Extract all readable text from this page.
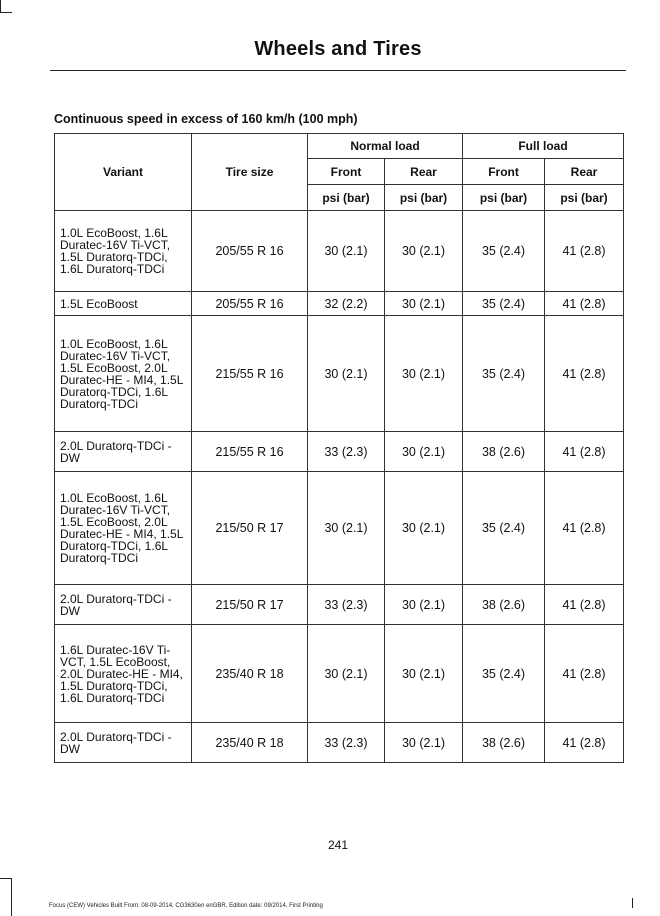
Wheels and Tires
Continuous speed in excess of 160 km/h (100 mph)
Variant	Tire size	Normal load		Full load	
		Front	Rear	Front	Rear
		psi (bar)	psi (bar)	psi (bar)	psi (bar)
1.0L EcoBoost, 1.6L Duratec-16V Ti-VCT, 1.5L Duratorq-TDCi, 1.6L Duratorq-TDCi	205/55 R 16	30 (2.1)	30 (2.1)	35 (2.4)	41 (2.8)
1.5L EcoBoost	205/55 R 16	32 (2.2)	30 (2.1)	35 (2.4)	41 (2.8)
1.0L EcoBoost, 1.6L Duratec-16V Ti-VCT, 1.5L EcoBoost, 2.0L Duratec-HE - MI4, 1.5L Duratorq-TDCi, 1.6L Duratorq-TDCi	215/55 R 16	30 (2.1)	30 (2.1)	35 (2.4)	41 (2.8)
2.0L Duratorq-TDCi - DW	215/55 R 16	33 (2.3)	30 (2.1)	38 (2.6)	41 (2.8)
1.0L EcoBoost, 1.6L Duratec-16V Ti-VCT, 1.5L EcoBoost, 2.0L Duratec-HE - MI4, 1.5L Duratorq-TDCi, 1.6L Duratorq-TDCi	215/50 R 17	30 (2.1)	30 (2.1)	35 (2.4)	41 (2.8)
2.0L Duratorq-TDCi - DW	215/50 R 17	33 (2.3)	30 (2.1)	38 (2.6)	41 (2.8)
1.6L Duratec-16V Ti-VCT, 1.5L EcoBoost, 2.0L Duratec-HE - MI4, 1.5L Duratorq-TDCi, 1.6L Duratorq-TDCi	235/40 R 18	30 (2.1)	30 (2.1)	35 (2.4)	41 (2.8)
2.0L Duratorq-TDCi - DW	235/40 R 18	33 (2.3)	30 (2.1)	38 (2.6)	41 (2.8)
241
Focus (CEW) Vehicles Built From: 08-09-2014, CG3630en enGBR, Edition date: 09/2014, First Printing
